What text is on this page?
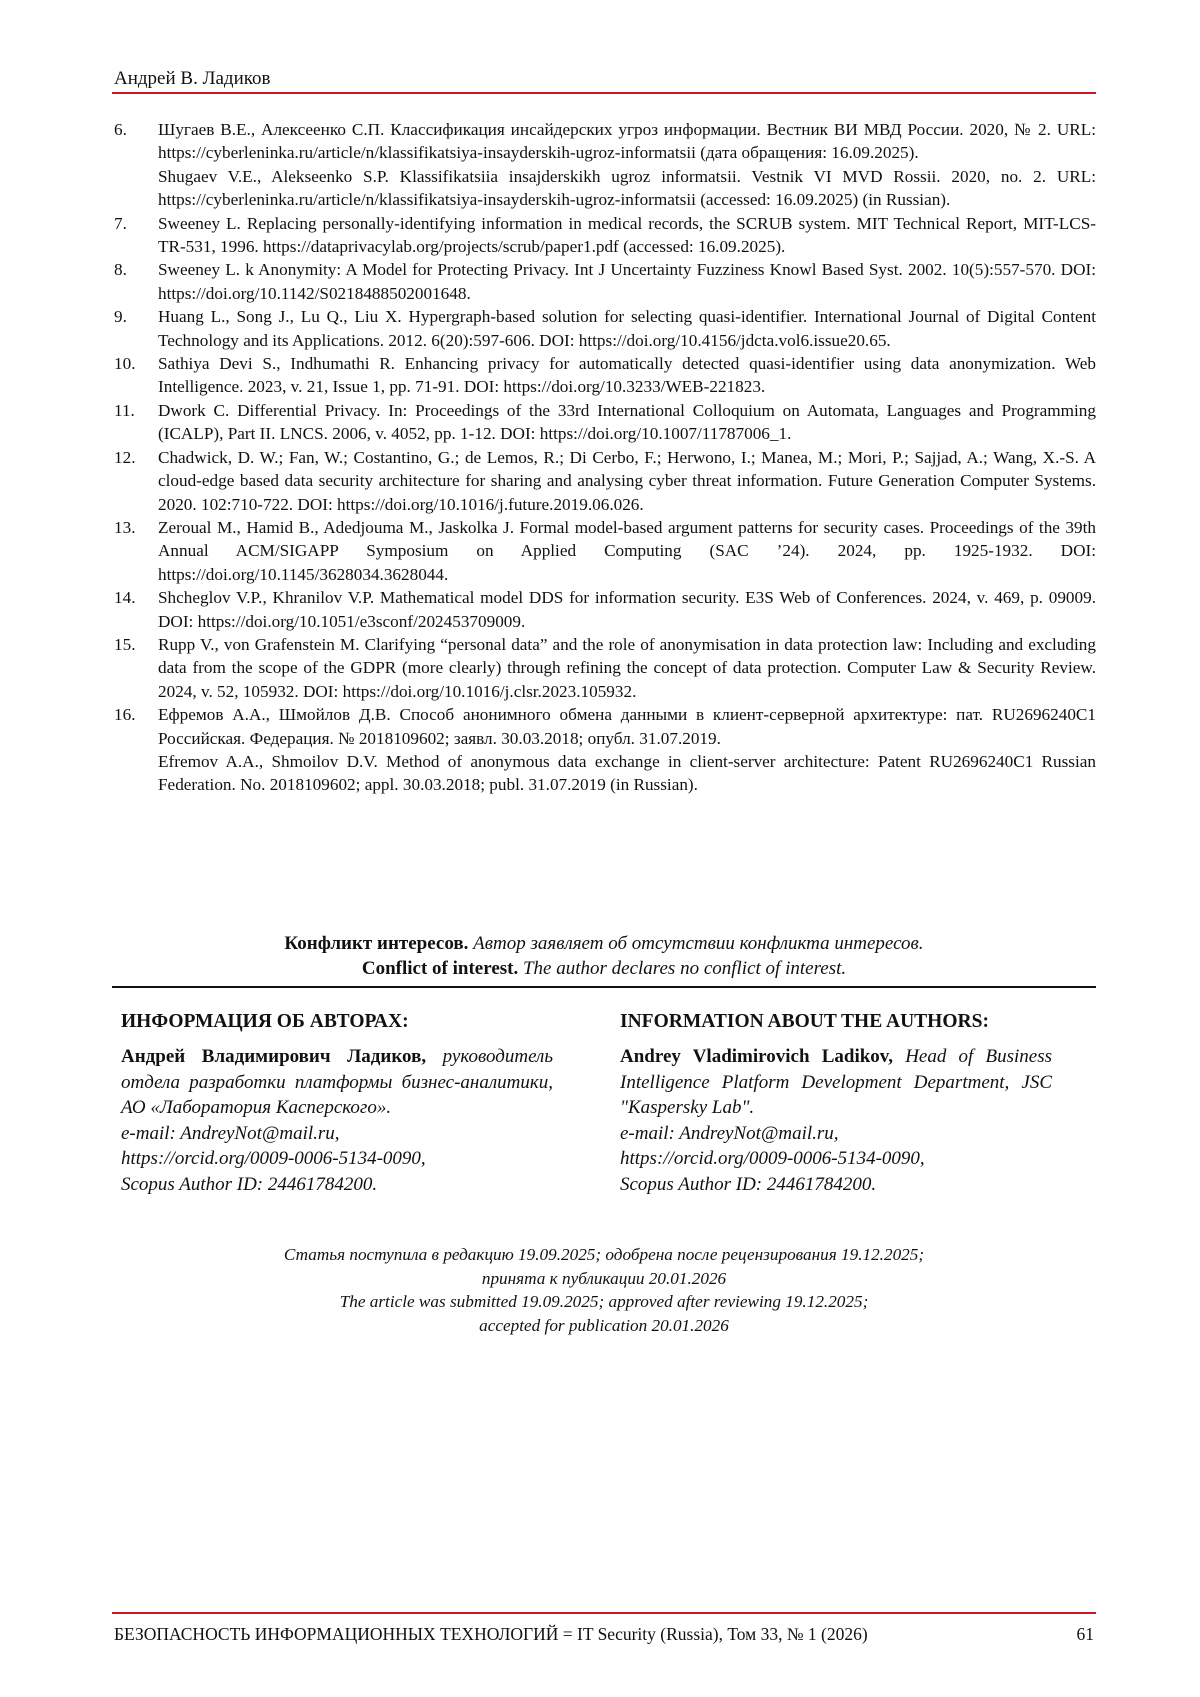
Андрей В. Ладиков
6.	Шугаев В.Е., Алексеенко С.П. Классификация инсайдерских угроз информации. Вестник ВИ МВД России. 2020, № 2. URL: https://cyberleninka.ru/article/n/klassifikatsiya-insayderskih-ugroz-informatsii (дата обращения: 16.09.2025).
Shugaev V.E., Alekseenko S.P. Klassifikatsiia insajderskikh ugroz informatsii. Vestnik VI MVD Rossii. 2020, no. 2. URL: https://cyberleninka.ru/article/n/klassifikatsiya-insayderskih-ugroz-informatsii (accessed: 16.09.2025) (in Russian).
7.	Sweeney L. Replacing personally-identifying information in medical records, the SCRUB system. MIT Technical Report, MIT-LCS-TR-531, 1996. https://dataprivacylab.org/projects/scrub/paper1.pdf (accessed: 16.09.2025).
8.	Sweeney L. k Anonymity: A Model for Protecting Privacy. Int J Uncertainty Fuzziness Knowl Based Syst. 2002. 10(5):557-570. DOI: https://doi.org/10.1142/S0218488502001648.
9.	Huang L., Song J., Lu Q., Liu X. Hypergraph-based solution for selecting quasi-identifier. International Journal of Digital Content Technology and its Applications. 2012. 6(20):597-606. DOI: https://doi.org/10.4156/jdcta.vol6.issue20.65.
10.	Sathiya Devi S., Indhumathi R. Enhancing privacy for automatically detected quasi-identifier using data anonymization. Web Intelligence. 2023, v. 21, Issue 1, pp. 71-91. DOI: https://doi.org/10.3233/WEB-221823.
11.	Dwork C. Differential Privacy. In: Proceedings of the 33rd International Colloquium on Automata, Languages and Programming (ICALP), Part II. LNCS. 2006, v. 4052, pp. 1-12. DOI: https://doi.org/10.1007/11787006_1.
12.	Chadwick, D. W.; Fan, W.; Costantino, G.; de Lemos, R.; Di Cerbo, F.; Herwono, I.; Manea, M.; Mori, P.; Sajjad, A.; Wang, X.-S. A cloud-edge based data security architecture for sharing and analysing cyber threat information. Future Generation Computer Systems. 2020. 102:710-722. DOI: https://doi.org/10.1016/j.future.2019.06.026.
13.	Zeroual M., Hamid B., Adedjouma M., Jaskolka J. Formal model-based argument patterns for security cases. Proceedings of the 39th Annual ACM/SIGAPP Symposium on Applied Computing (SAC ’24). 2024, pp. 1925-1932. DOI: https://doi.org/10.1145/3628034.3628044.
14.	Shcheglov V.P., Khranilov V.P. Mathematical model DDS for information security. E3S Web of Conferences. 2024, v. 469, p. 09009. DOI: https://doi.org/10.1051/e3sconf/202453709009.
15.	Rupp V., von Grafenstein M. Clarifying “personal data” and the role of anonymisation in data protection law: Including and excluding data from the scope of the GDPR (more clearly) through refining the concept of data protection. Computer Law & Security Review. 2024, v. 52, 105932. DOI: https://doi.org/10.1016/j.clsr.2023.105932.
16.	Ефремов А.А., Шмойлов Д.В. Способ анонимного обмена данными в клиент-серверной архитектуре: пат. RU2696240C1 Российская. Федерация. № 2018109602; заявл. 30.03.2018; опубл. 31.07.2019.
Efremov A.A., Shmoilov D.V. Method of anonymous data exchange in client-server architecture: Patent RU2696240C1 Russian Federation. No. 2018109602; appl. 30.03.2018; publ. 31.07.2019 (in Russian).
Конфликт интересов. Автор заявляет об отсутствии конфликта интересов.
Conflict of interest. The author declares no conflict of interest.
ИНФОРМАЦИЯ ОБ АВТОРАХ:

Андрей Владимирович Ладиков, руководитель отдела разработки платформы бизнес-аналитики, АО «Лаборатория Касперского».

e-mail: AndreyNot@mail.ru,
https://orcid.org/0009-0006-5134-0090,
Scopus Author ID: 24461784200.
INFORMATION ABOUT THE AUTHORS:

Andrey Vladimirovich Ladikov, Head of Business Intelligence Platform Development Department, JSC "Kaspersky Lab".

e-mail: AndreyNot@mail.ru,
https://orcid.org/0009-0006-5134-0090,
Scopus Author ID: 24461784200.
Статья поступила в редакцию 19.09.2025; одобрена после рецензирования 19.12.2025;
принята к публикации 20.01.2026
The article was submitted 19.09.2025; approved after reviewing 19.12.2025;
accepted for publication 20.01.2026
БЕЗОПАСНОСТЬ ИНФОРМАЦИОННЫХ ТЕХНОЛОГИЙ = IT Security (Russia), Том 33, № 1 (2026)	61
